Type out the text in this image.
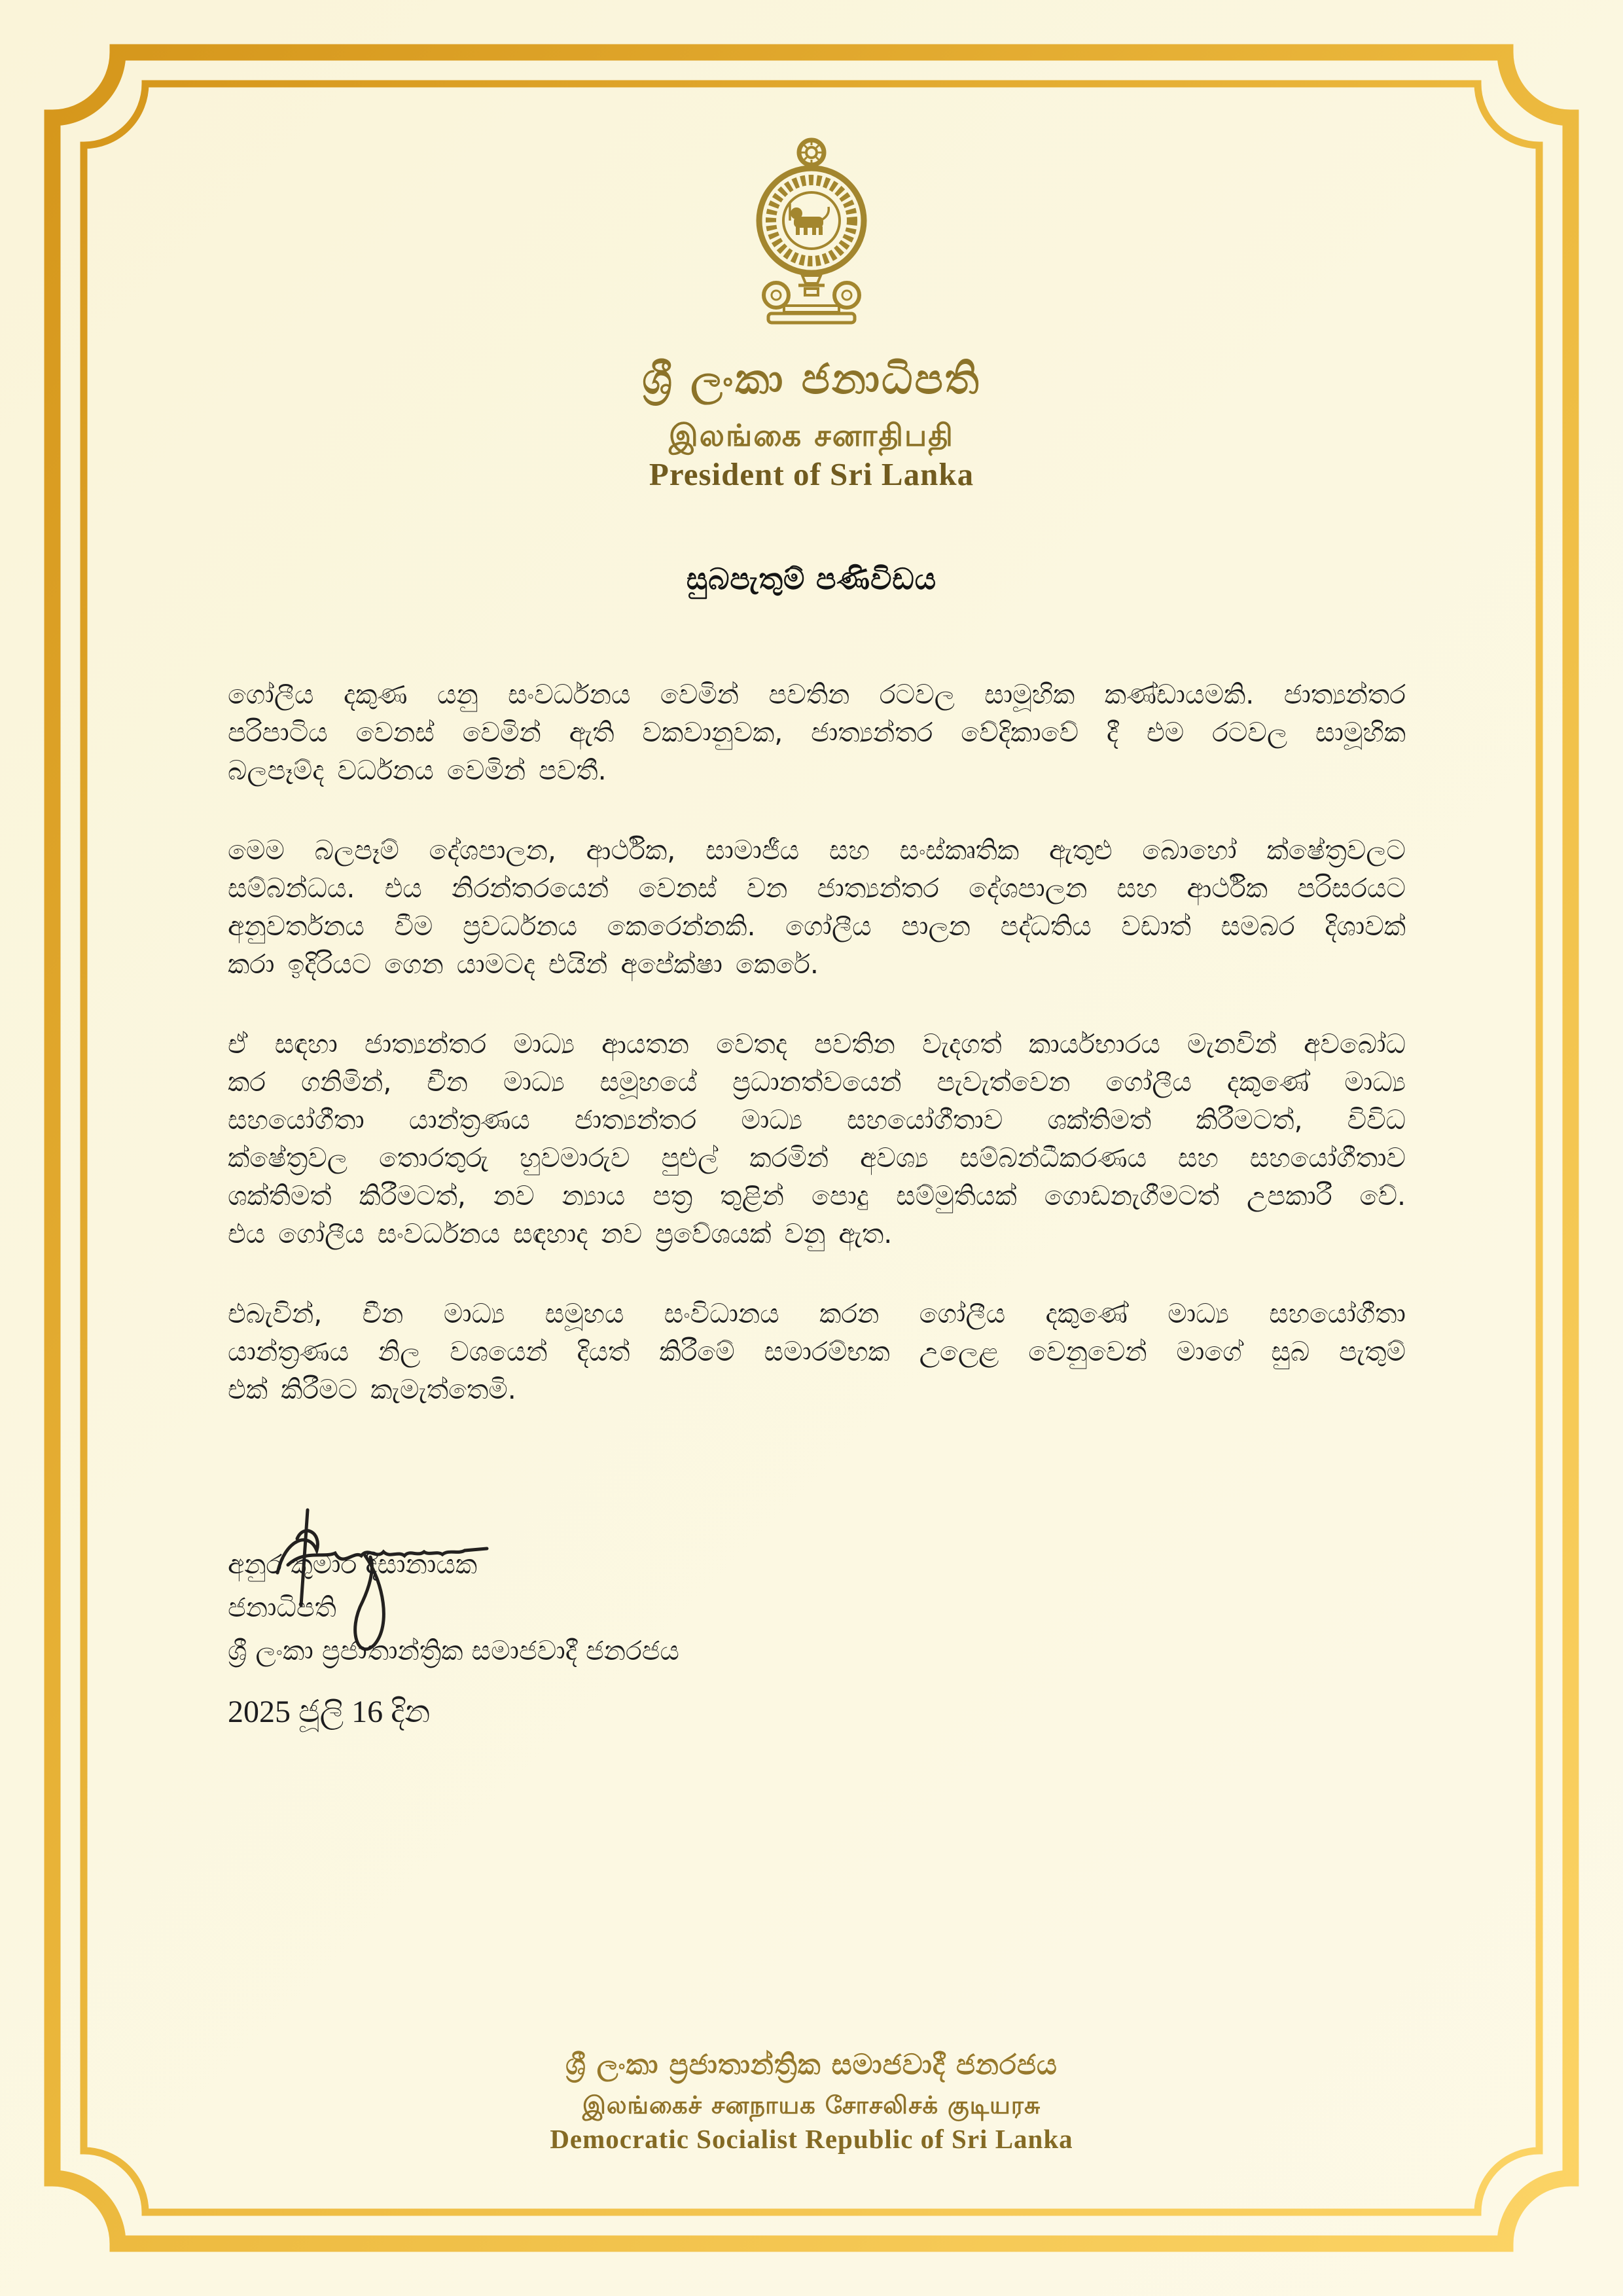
ශ්‍රී ලංකා ජනාධිපති
இலங்கை சனாதிபதி
President of Sri Lanka
සුබපැතුම් පණිවිඩය
ගෝලීය දකුණ යනු සංවර්ධනය වෙමින් පවතින රටවල සාමූහික කණ්ඩායමකි. ජාත්‍යන්තර
පරිපාටිය වෙනස් වෙමින් ඇති වකවානුවක, ජාත්‍යන්තර වේදිකාවේ දී එම රටවල සාමූහික
බලපෑම්ද වර්ධනය වෙමින් පවතී.
මෙම බලපෑම් දේශපාලන, ආර්ථික, සාමාජීය සහ සංස්කෘතික ඇතුළු බොහෝ ක්ෂේත්‍රවලට
සම්බන්ධය. එය නිරන්තරයෙන් වෙනස් වන ජාත්‍යන්තර දේශපාලන සහ ආර්ථික පරිසරයට
අනුවර්තනය වීම ප්‍රවර්ධනය කෙරෙන්නකි. ගෝලීය පාලන පද්ධතිය වඩාත් සමබර දිශාවක්
කරා ඉදිරියට ගෙන යාමටද එයින් අපේක්ෂා කෙරේ.
ඒ සඳහා ජාත්‍යන්තර මාධ්‍ය ආයතන වෙතද පවතින වැදගත් කාර්යභාරය මැනවින් අවබෝධ
කර ගනිමින්, චීන මාධ්‍ය සමූහයේ ප්‍රධානත්වයෙන් පැවැත්වෙන ගෝලීය දකුණේ මාධ්‍ය
සහයෝගීතා යාන්ත්‍රණය ජාත්‍යන්තර මාධ්‍ය සහයෝගීතාව ශක්තිමත් කිරීමටත්, විවිධ
ක්ෂේත්‍රවල තොරතුරු හුවමාරුව පුළුල් කරමින් අවශ්‍ය සම්බන්ධීකරණය සහ සහයෝගීතාව
ශක්තිමත් කිරීමටත්, නව න්‍යාය පත්‍ර තුළින් පොදු සම්මුතියක් ගොඩනැගීමටත් උපකාරී වේ.
එය ගෝලීය සංවර්ධනය සඳහාද නව ප්‍රවේශයක් වනු ඇත.
එබැවින්, චීන මාධ්‍ය සමූහය සංවිධානය කරන ගෝලීය දකුණේ මාධ්‍ය සහයෝගීතා
යාන්ත්‍රණය නිල වශයෙන් දියත් කිරීමේ සමාරම්භක උලෙළ වෙනුවෙන් මාගේ සුබ පැතුම්
එක් කිරීමට කැමැත්තෙමි.
අනුර කුමාර දිසානායක
ජනාධිපති
ශ්‍රී ලංකා ප්‍රජාතාන්ත්‍රික සමාජවාදී ජනරජය
2025 ජූලි 16 දින
ශ්‍රී ලංකා ප්‍රජාතාන්ත්‍රික සමාජවාදී ජනරජය
இலங்கைச் சனநாயக சோசலிசக் குடியரசு
Democratic Socialist Republic of Sri Lanka
